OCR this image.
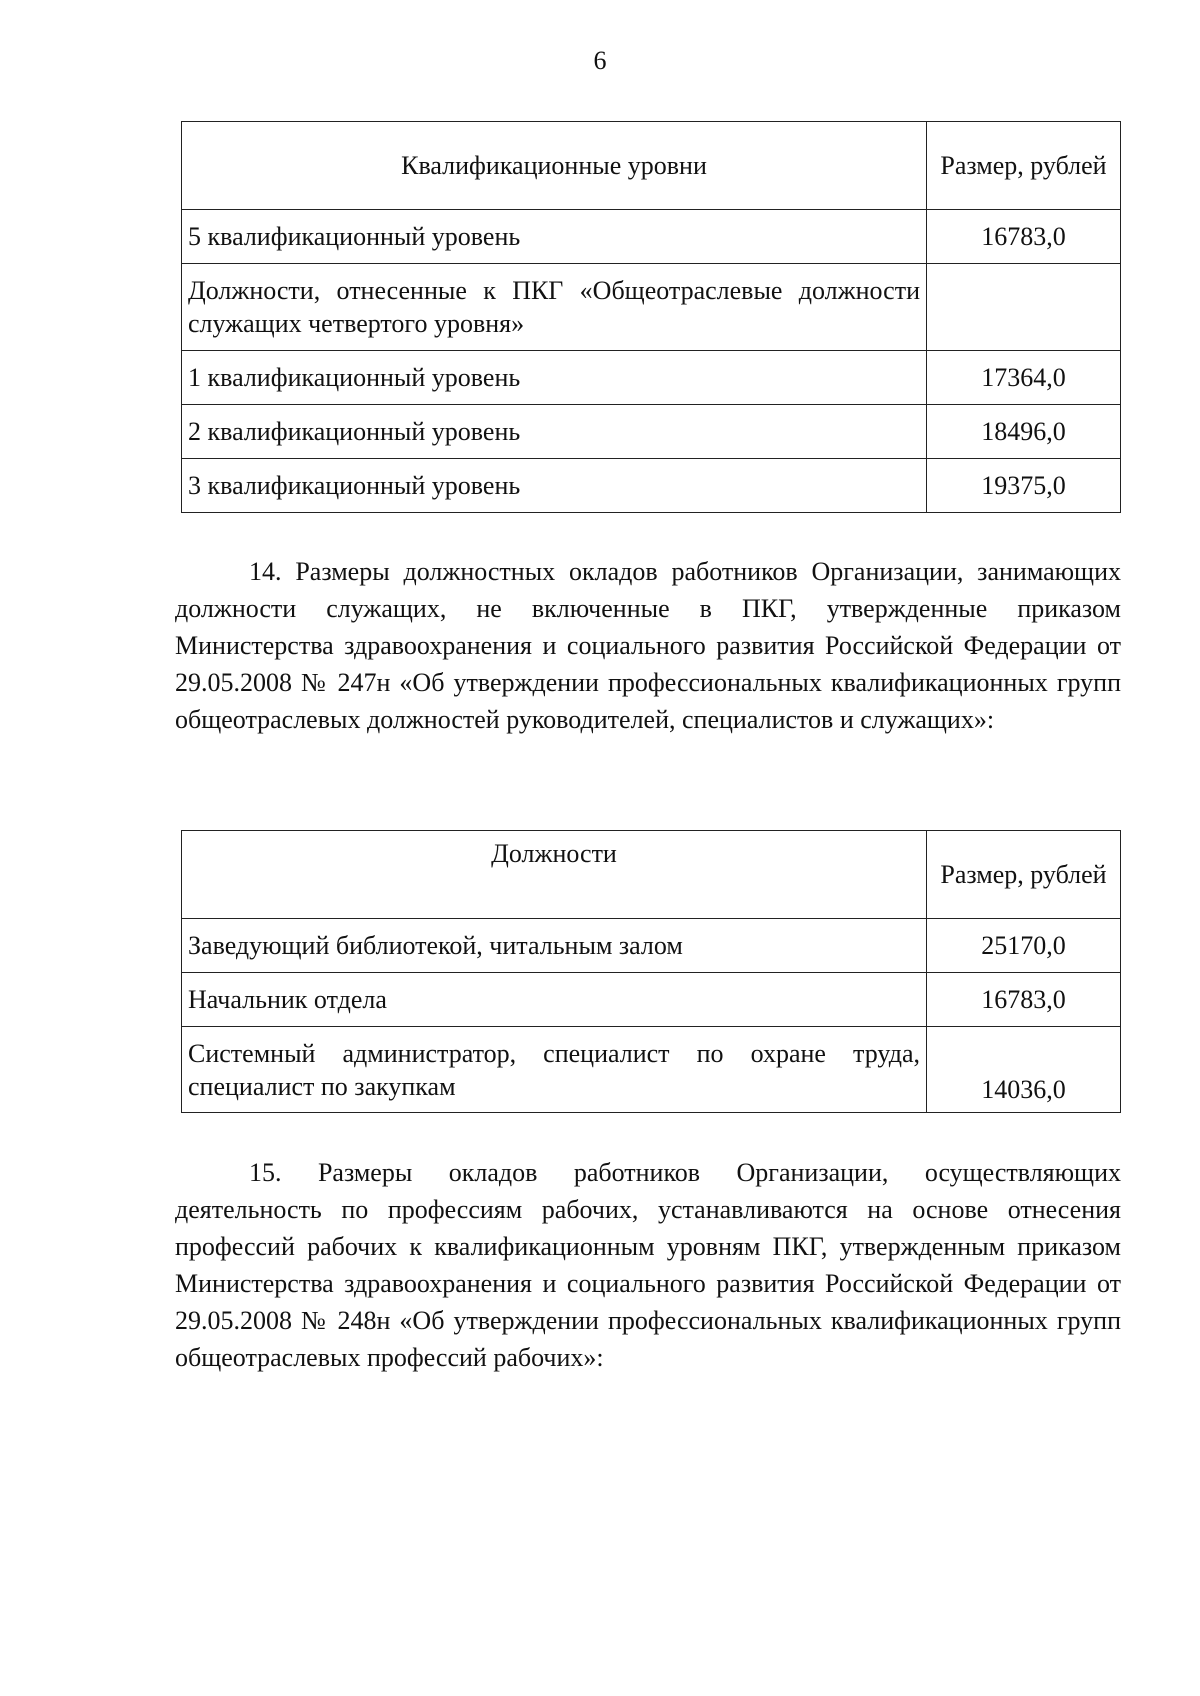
6
Квалификационные уровни	Размер, рублей
5 квалификационный уровень	16783,0
Должности, отнесенные к ПКГ «Общеотраслевые должности служащих четвертого уровня»	
1 квалификационный уровень	17364,0
2 квалификационный уровень	18496,0
3 квалификационный уровень	19375,0

14. Размеры должностных окладов работников Организации, занимающих должности служащих, не включенные в ПКГ, утвержденные приказом Министерства здравоохранения и социального развития Российской Федерации от 29.05.2008 № 247н «Об утверждении профессиональных квалификационных групп общеотраслевых должностей руководителей, специалистов и служащих»:

Должности	Размер, рублей
Заведующий библиотекой, читальным залом	25170,0
Начальник отдела	16783,0
Системный администратор, специалист по охране труда, специалист по закупкам	14036,0

15. Размеры окладов работников Организации, осуществляющих деятельность по профессиям рабочих, устанавливаются на основе отнесения профессий рабочих к квалификационным уровням ПКГ, утвержденным приказом Министерства здравоохранения и социального развития Российской Федерации от 29.05.2008 № 248н «Об утверждении профессиональных квалификационных групп общеотраслевых профессий рабочих»:
